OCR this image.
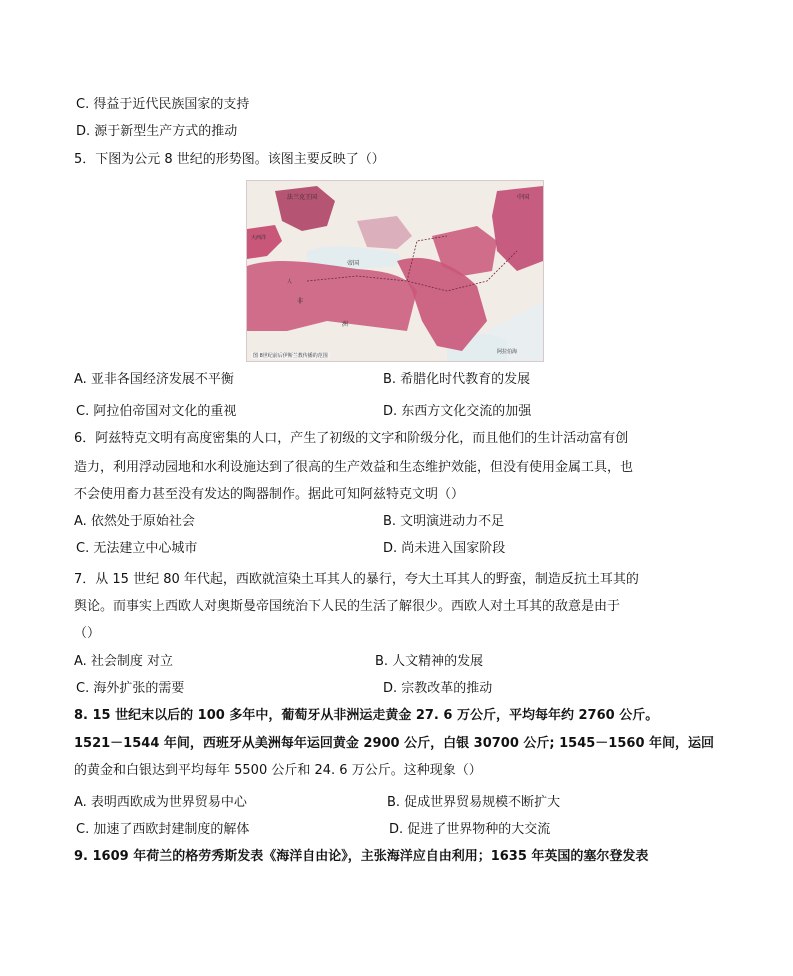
C. 得益于近代民族国家的支持
D. 源于新型生产方式的推动
5．下图为公元 8 世纪的形势图。该图主要反映了（）
法兰克王国	中国
大西洋
帝国
非
洲
人
阿拉伯海
图 8世纪前后伊斯兰教传播的范围
A. 亚非各国经济发展不平衡	B. 希腊化时代教育的发展
C. 阿拉伯帝国对文化的重视	D. 东西方文化交流的加强
6．阿兹特克文明有高度密集的人口，产生了初级的文字和阶级分化，而且他们的生计活动富有创
造力，利用浮动园地和水利设施达到了很高的生产效益和生态维护效能，但没有使用金属工具，也
不会使用畜力甚至没有发达的陶器制作。据此可知阿兹特克文明（）
A. 依然处于原始社会	B. 文明演进动力不足
C. 无法建立中心城市	D. 尚未进入国家阶段
7．从 15 世纪 80 年代起，西欧就渲染土耳其人的暴行，夸大土耳其人的野蛮，制造反抗土耳其的
舆论。而事实上西欧人对奥斯曼帝国统治下人民的生活了解很少。西欧人对土耳其的敌意是由于
（）
A. 社会制度 对立	B. 人文精神的发展
C. 海外扩张的需要	D. 宗教改革的推动
8. 15 世纪末以后的 100 多年中，葡萄牙从非洲运走黄金 27. 6 万公斤，平均每年约 2760 公斤。
1521－1544 年间，西班牙从美洲每年运回黄金 2900 公斤，白银 30700 公斤; 1545－1560 年间，运回
的黄金和白银达到平均每年 5500 公斤和 24. 6 万公斤。这种现象（）
A. 表明西欧成为世界贸易中心	B. 促成世界贸易规模不断扩大
C. 加速了西欧封建制度的解体	D. 促进了世界物种的大交流
9. 1609 年荷兰的格劳秀斯发表《海洋自由论》，主张海洋应自由利用；1635 年英国的塞尔登发表
